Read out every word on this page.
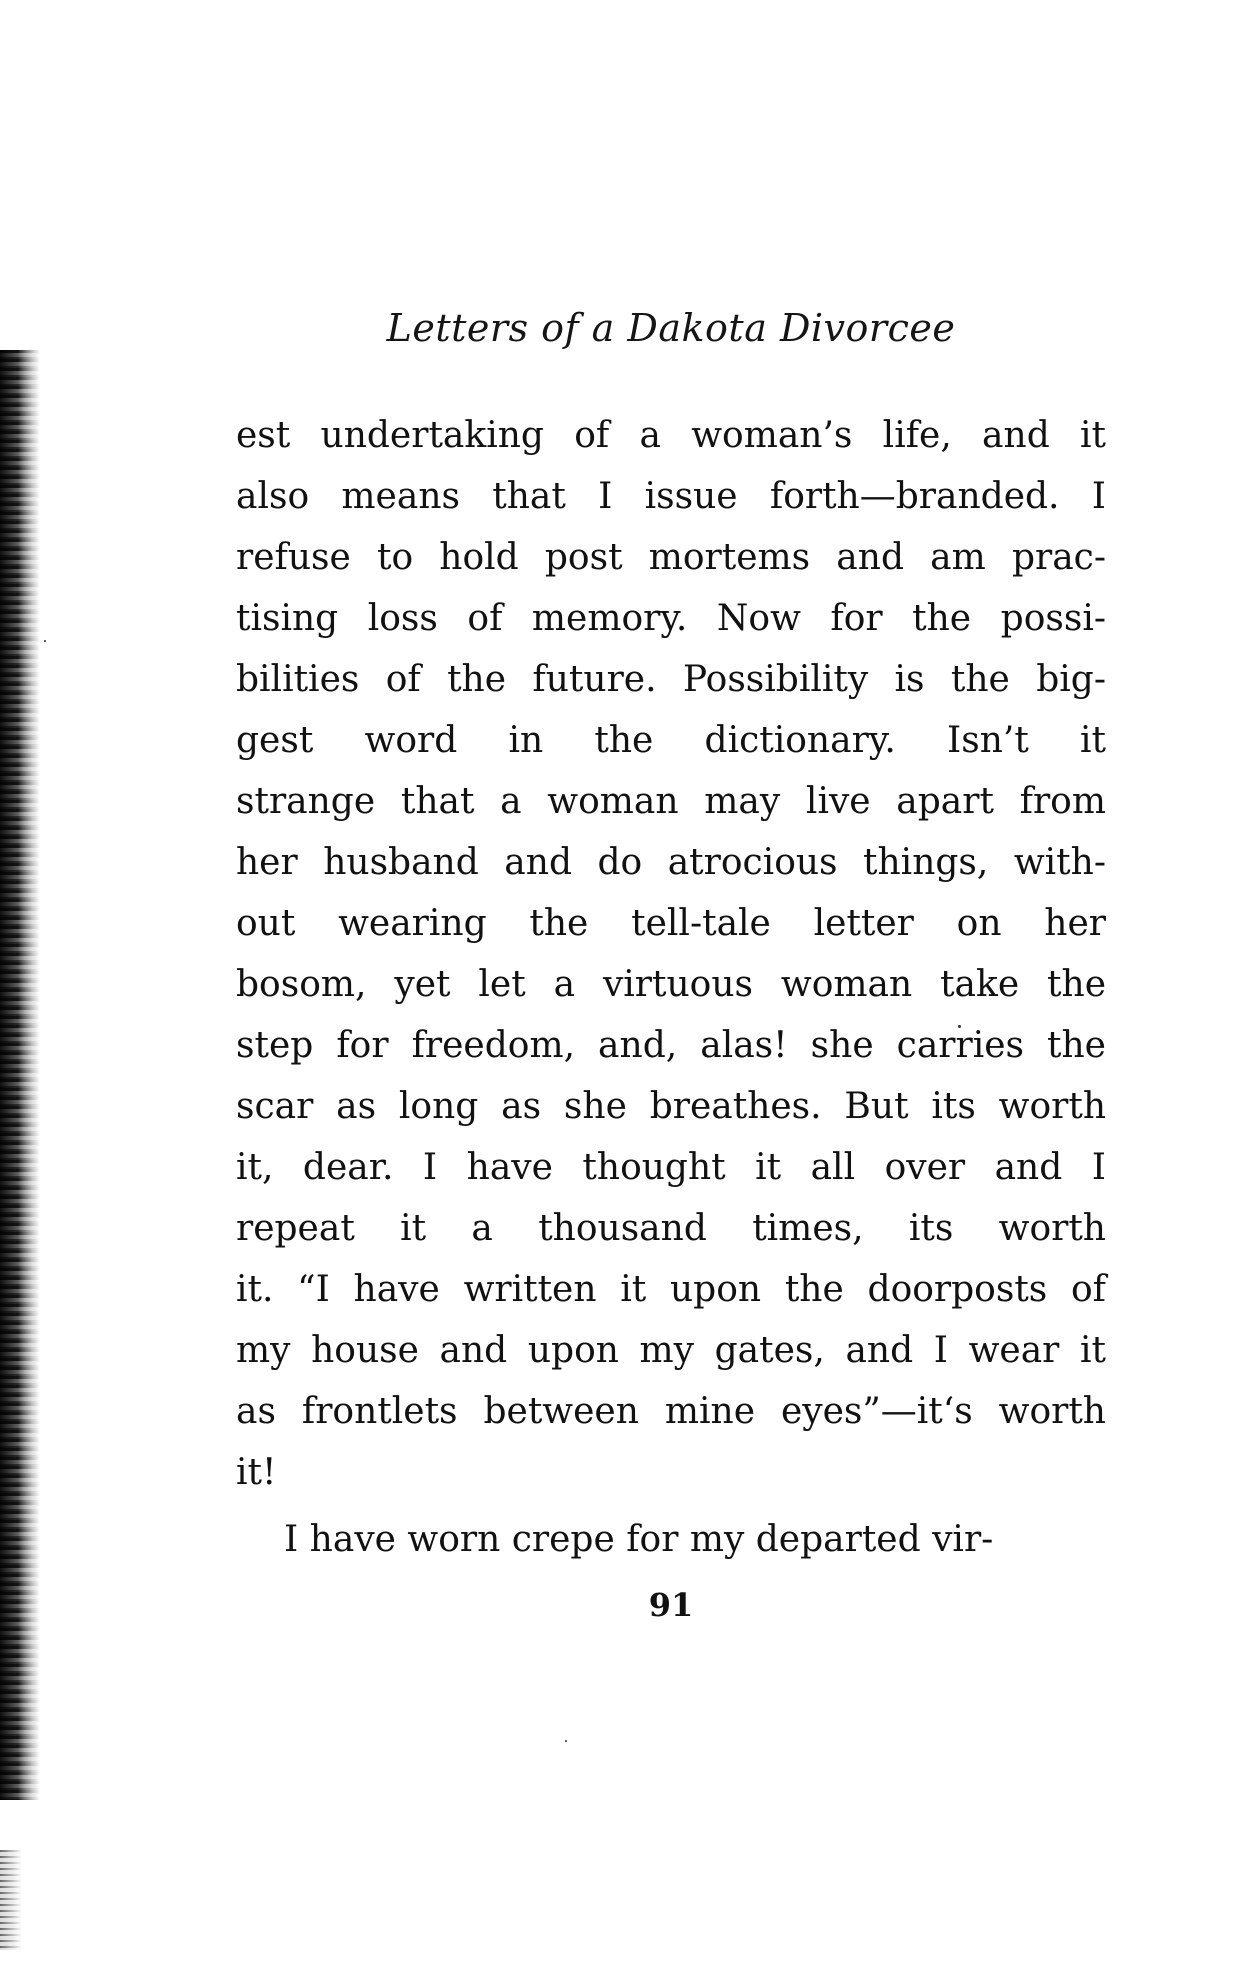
Letters of a Dakota Divorcee
est undertaking of a woman’s life, and it
also means that I issue forth—branded. I
refuse to hold post mortems and am prac-
tising loss of memory. Now for the possi-
bilities of the future. Possibility is the big-
gest word in the dictionary. Isn’t it
strange that a woman may live apart from
her husband and do atrocious things, with-
out wearing the tell-tale letter on her
bosom, yet let a virtuous woman take the
step for freedom, and, alas! she carries the
scar as long as she breathes. But its worth
it, dear. I have thought it all over and I
repeat it a thousand times, its worth
it. “I have written it upon the doorposts of
my house and upon my gates, and I wear it
as frontlets between mine eyes”—it‘s worth
it!
I have worn crepe for my departed vir-
91
